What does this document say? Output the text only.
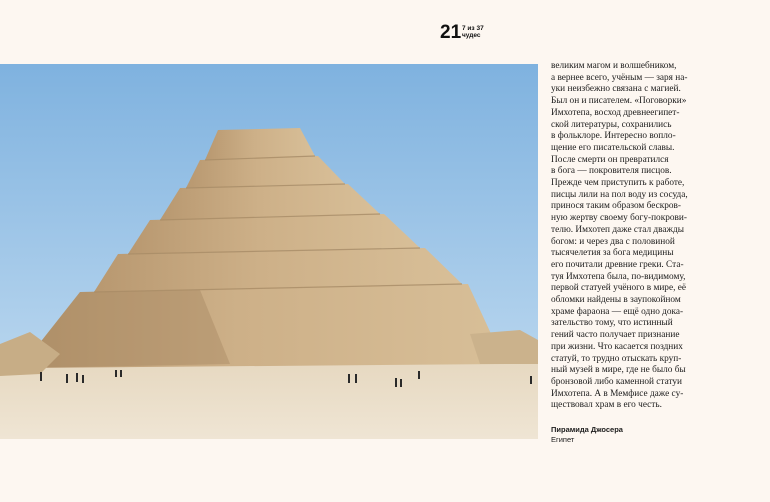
21 7 из 37
чудес
великим магом и волшебником,
а вернее всего, учёным — заря на-
уки неизбежно связана с магией.
Был он и писателем. «Поговорки»
Имхотепа, восход древнеегипет-
ской литературы, сохранились
в фольклоре. Интересно вопло-
щение его писательской славы.
После смерти он превратился
в бога — покровителя писцов.
Прежде чем приступить к работе,
писцы лили на пол воду из сосуда,
принося таким образом бескров-
ную жертву своему богу-покрови-
телю. Имхотеп даже стал дважды
богом: и через два с половиной
тысячелетия за бога медицины
его почитали древние греки. Ста-
туя Имхотепа была, по-видимому,
первой статуей учёного в мире, её
обломки найдены в заупокойном
храме фараона — ещё одно дока-
зательство тому, что истинный
гений часто получает признание
при жизни. Что касается поздних
статуй, то трудно отыскать круп-
ный музей в мире, где не было бы
бронзовой либо каменной статуи
Имхотепа. А в Мемфисе даже су-
ществовал храм в его честь.
Пирамида Джосера
Египет
